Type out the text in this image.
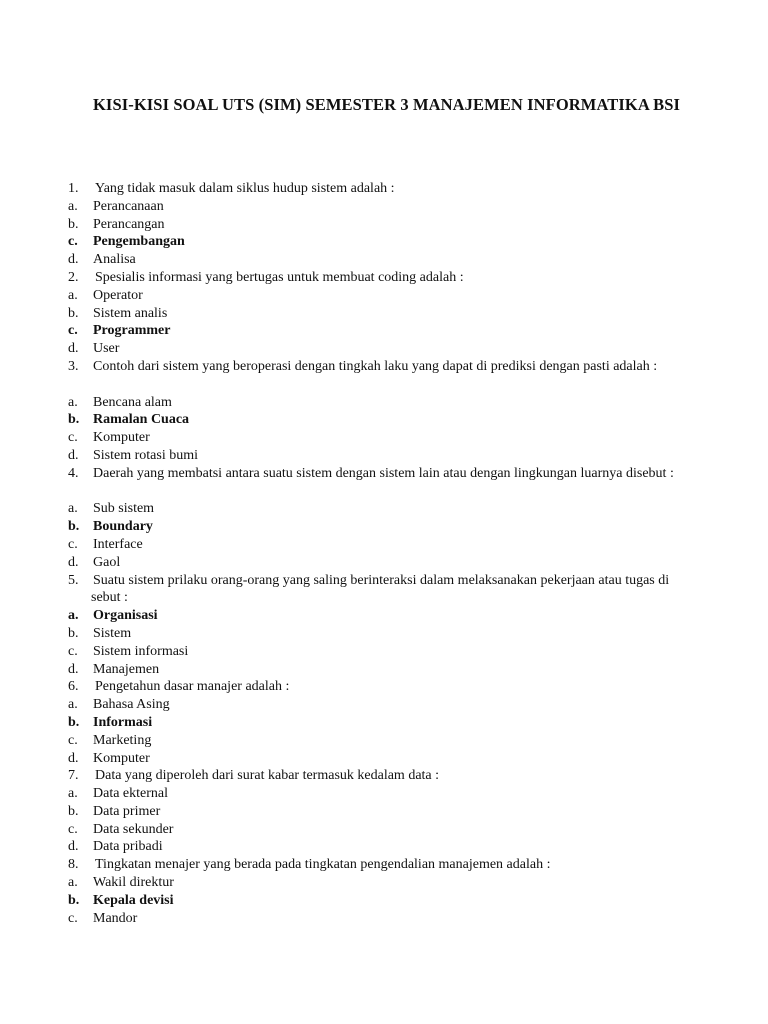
KISI-KISI SOAL UTS (SIM) SEMESTER 3 MANAJEMEN INFORMATIKA BSI
1. Yang tidak masuk dalam siklus hudup sistem adalah :
a. Perancanaan
b. Perancangan
c. Pengembangan
d. Analisa
2. Spesialis informasi yang bertugas untuk membuat coding adalah :
a. Operator
b. Sistem analis
c. Programmer
d. User
3. Contoh dari sistem yang beroperasi dengan tingkah laku yang dapat di prediksi dengan pasti adalah :
a. Bencana alam
b. Ramalan Cuaca
c. Komputer
d. Sistem rotasi bumi
4. Daerah yang membatsi antara suatu sistem dengan sistem lain atau dengan lingkungan luarnya disebut :
a. Sub sistem
b. Boundary
c. Interface
d. Gaol
5. Suatu sistem prilaku orang-orang yang saling berinteraksi dalam melaksanakan pekerjaan atau tugas di sebut :
a. Organisasi
b. Sistem
c. Sistem informasi
d. Manajemen
6. Pengetahun dasar manajer adalah :
a. Bahasa Asing
b. Informasi
c. Marketing
d. Komputer
7. Data yang diperoleh dari surat kabar termasuk kedalam data :
a. Data ekternal
b. Data primer
c. Data sekunder
d. Data pribadi
8. Tingkatan menajer yang berada pada tingkatan pengendalian manajemen adalah :
a. Wakil direktur
b. Kepala devisi
c. Mandor
